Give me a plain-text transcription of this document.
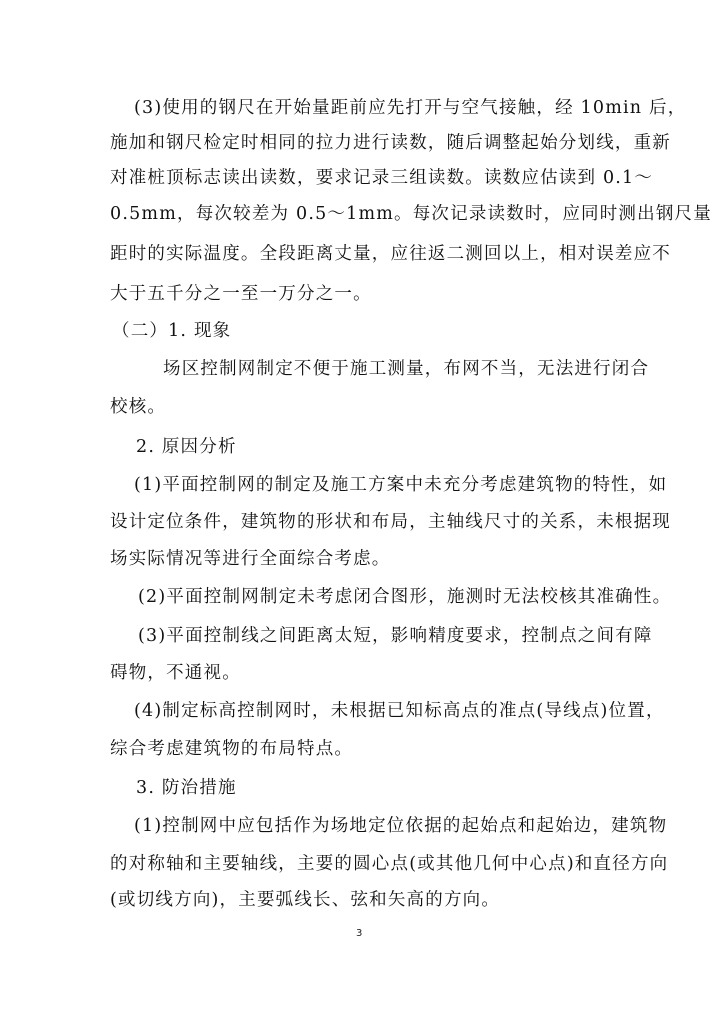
(3)使用的钢尺在开始量距前应先打开与空气接触，经 10min 后，
施加和钢尺检定时相同的拉力进行读数，随后调整起始分划线，重新
对准桩顶标志读出读数，要求记录三组读数。读数应估读到 0.1～
0.5mm，每次较差为 0.5～1mm。每次记录读数时，应同时测出钢尺量
距时的实际温度。全段距离丈量，应往返二测回以上，相对误差应不
大于五千分之一至一万分之一。
（二）1. 现象
场区控制网制定不便于施工测量，布网不当，无法进行闭合
校核。
2. 原因分析
(1)平面控制网的制定及施工方案中未充分考虑建筑物的特性，如
设计定位条件，建筑物的形状和布局，主轴线尺寸的关系，未根据现
场实际情况等进行全面综合考虑。
(2)平面控制网制定未考虑闭合图形，施测时无法校核其准确性。
(3)平面控制线之间距离太短，影响精度要求，控制点之间有障
碍物，不通视。
(4)制定标高控制网时，未根据已知标高点的准点(导线点)位置，
综合考虑建筑物的布局特点。
3. 防治措施
(1)控制网中应包括作为场地定位依据的起始点和起始边，建筑物
的对称轴和主要轴线，主要的圆心点(或其他几何中心点)和直径方向
(或切线方向)，主要弧线长、弦和矢高的方向。
3
